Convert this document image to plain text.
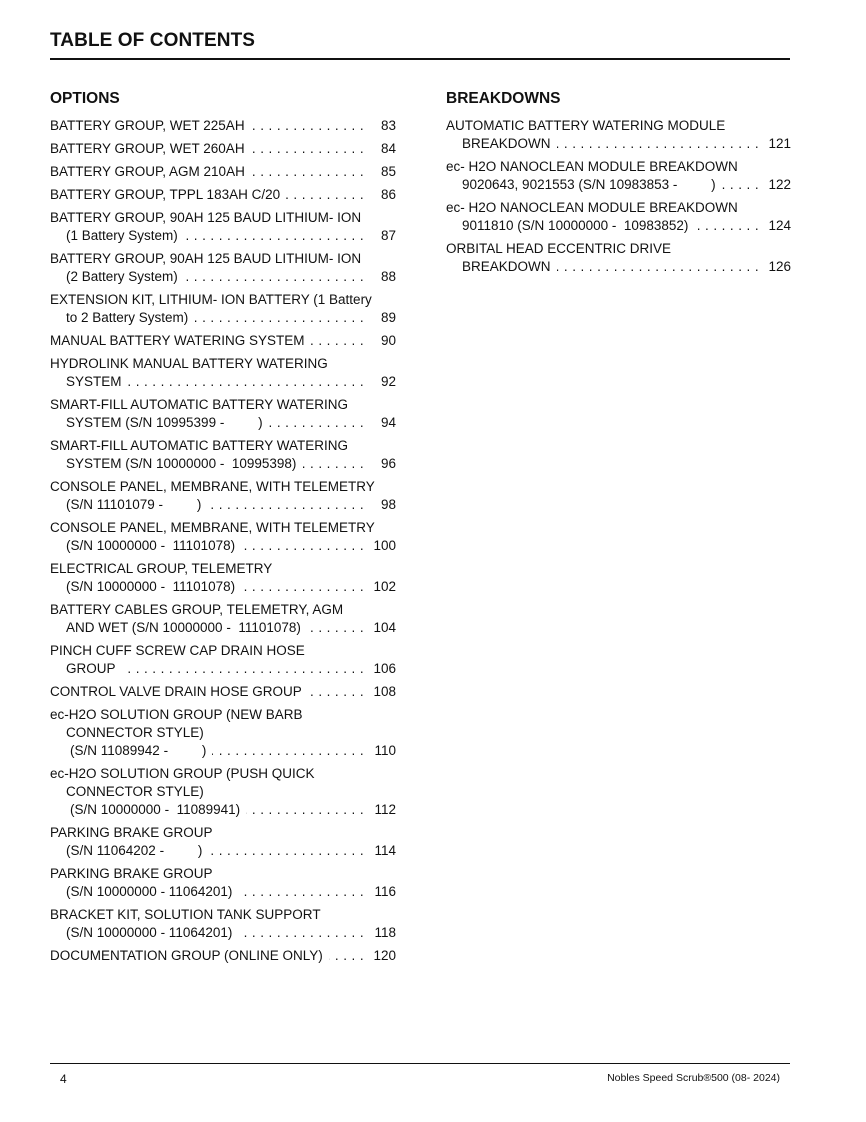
TABLE OF CONTENTS
OPTIONS
BATTERY GROUP, WET 225AH . . .	83
BATTERY GROUP, WET 260AH . . .	84
BATTERY GROUP, AGM 210AH . . .	85
BATTERY GROUP, TPPL 183AH C/20 . . .	86
BATTERY GROUP, 90AH 125 BAUD LITHIUM- ION
(1 Battery System) . . .	87
BATTERY GROUP, 90AH 125 BAUD LITHIUM- ION
(2 Battery System) . . .	88
EXTENSION KIT, LITHIUM- ION BATTERY (1 Battery
to 2 Battery System) . . .	89
MANUAL BATTERY WATERING SYSTEM . . .	90
HYDROLINK MANUAL BATTERY WATERING
SYSTEM . . .	92
SMART-FILL AUTOMATIC BATTERY WATERING
SYSTEM (S/N 10995399 -         ) . . .	94
SMART-FILL AUTOMATIC BATTERY WATERING
SYSTEM (S/N 10000000 -  10995398) . . .	96
CONSOLE PANEL, MEMBRANE, WITH TELEMETRY
(S/N 11101079 -         ) . . .	98
CONSOLE PANEL, MEMBRANE, WITH TELEMETRY
(S/N 10000000 -  11101078) . . .	100
ELECTRICAL GROUP, TELEMETRY
(S/N 10000000 -  11101078) . . .	102
BATTERY CABLES GROUP, TELEMETRY, AGM
AND WET (S/N 10000000 -  11101078) . . .	104
PINCH CUFF SCREW CAP DRAIN HOSE
GROUP . . .	106
CONTROL VALVE DRAIN HOSE GROUP . . .	108
ec-H2O SOLUTION GROUP (NEW BARB
CONNECTOR STYLE)
(S/N 11089942 -         ) . . .	110
ec-H2O SOLUTION GROUP (PUSH QUICK
CONNECTOR STYLE)
(S/N 10000000 -  11089941) . . .	112
PARKING BRAKE GROUP
(S/N 11064202 -         ) . . .	114
PARKING BRAKE GROUP
(S/N 10000000 - 11064201) . . .	116
BRACKET KIT, SOLUTION TANK SUPPORT
(S/N 10000000 - 11064201) . . .	118
DOCUMENTATION GROUP (ONLINE ONLY) . . .	120
BREAKDOWNS
AUTOMATIC BATTERY WATERING MODULE
BREAKDOWN . . .	121
ec- H2O NANOCLEAN MODULE BREAKDOWN
9020643, 9021553 (S/N 10983853 -         ) . . .	122
ec- H2O NANOCLEAN MODULE BREAKDOWN
9011810 (S/N 10000000 -  10983852) . . .	124
ORBITAL HEAD ECCENTRIC DRIVE
BREAKDOWN . . .	126
4	Nobles Speed Scrub®500 (08- 2024)
